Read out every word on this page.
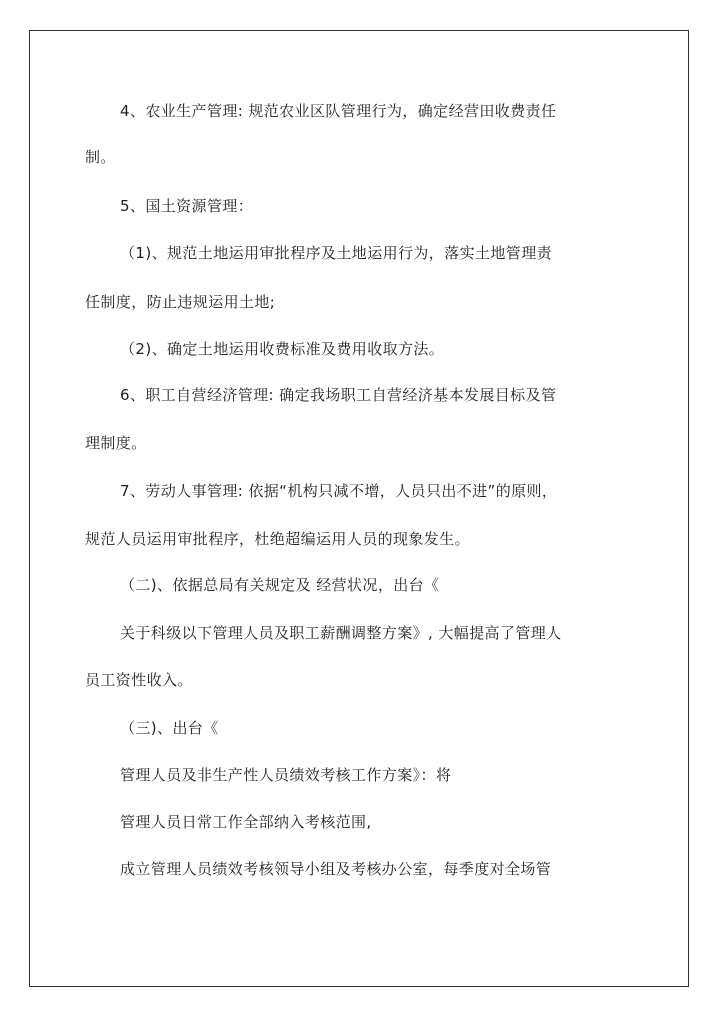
4、农业生产管理: 规范农业区队管理行为，确定经营田收费责任
制。
5、国土资源管理：
（1)、规范土地运用审批程序及土地运用行为，落实土地管理责
任制度，防止违规运用土地;
（2)、确定土地运用收费标准及费用收取方法。
6、职工自营经济管理: 确定我场职工自营经济基本发展目标及管
理制度。
7、劳动人事管理: 依据“机构只减不增，人员只出不进”的原则，
规范人员运用审批程序，杜绝超编运用人员的现象发生。
（二)、依据总局有关规定及 经营状况，出台《
关于科级以下管理人员及职工薪酬调整方案》, 大幅提高了管理人
员工资性收入。
（三)、出台《
管理人员及非生产性人员绩效考核工作方案》：将
管理人员日常工作全部纳入考核范围,
成立管理人员绩效考核领导小组及考核办公室，每季度对全场管
